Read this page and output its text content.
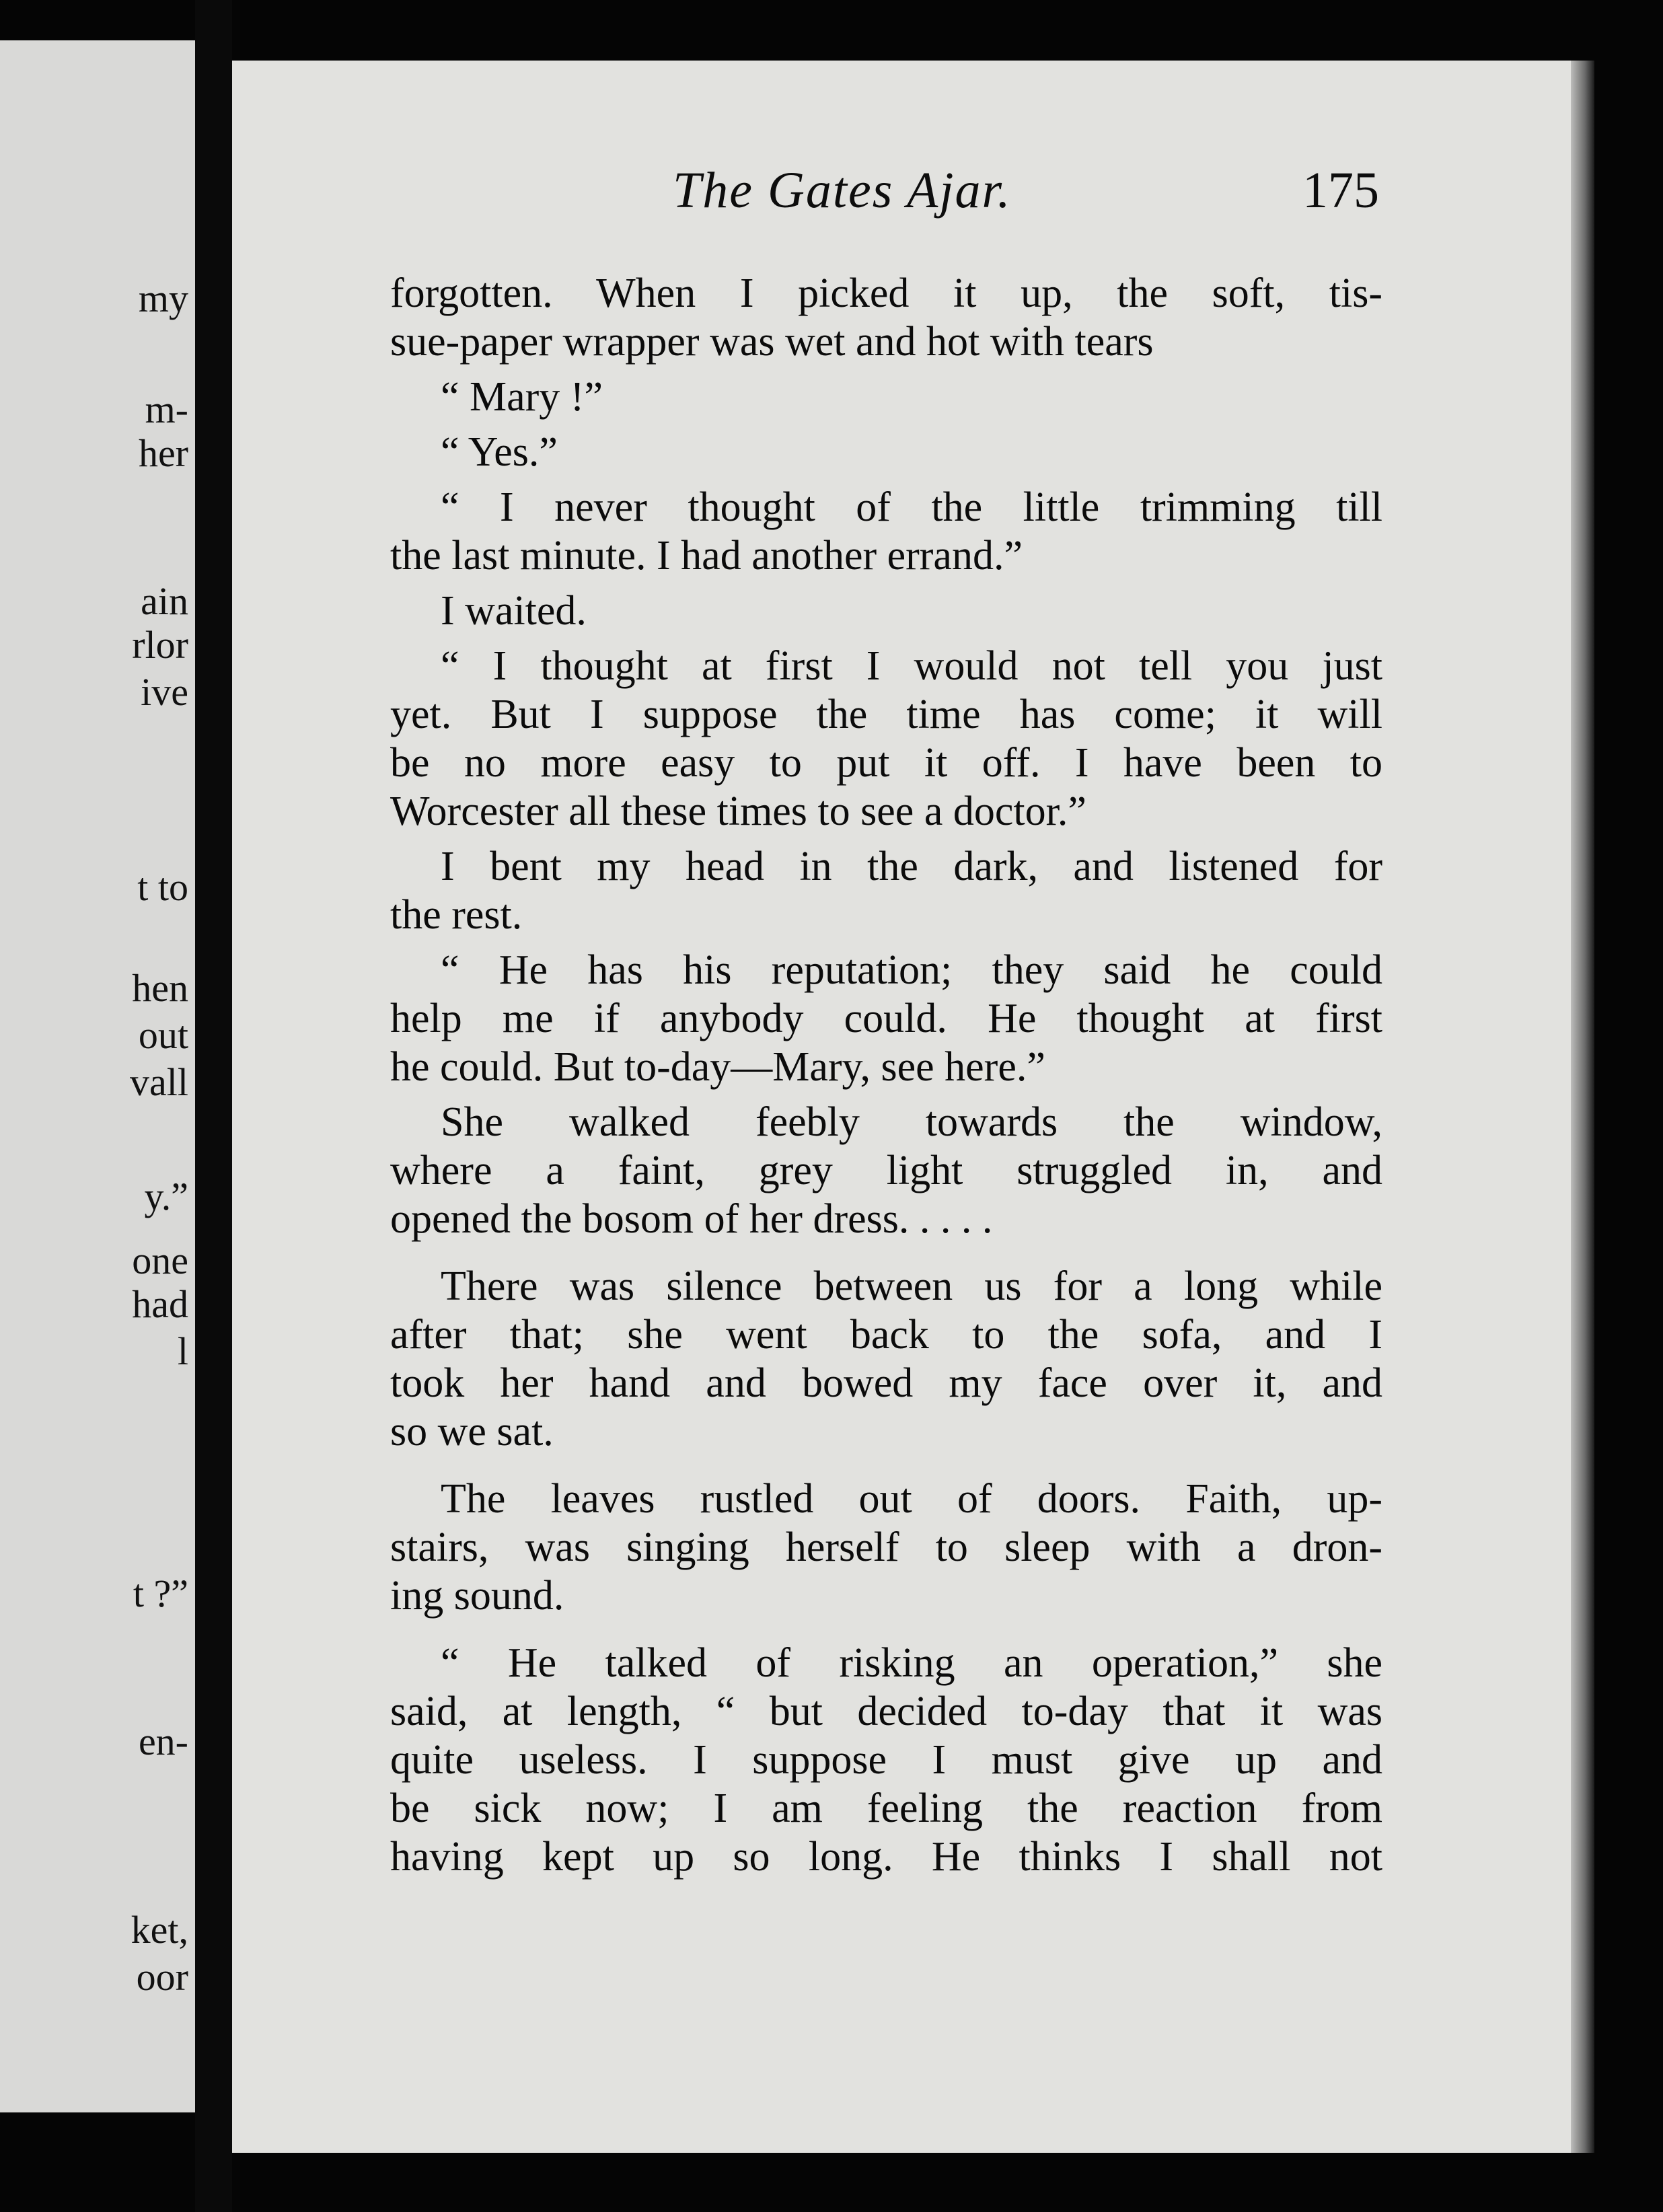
my
m-
her
ain
rlor
ive
t to
hen
out
vall
y.”
one
had
l
t ?”
en-
ket,
oor
The Gates Ajar.	175
forgotten. When I picked it up, the soft, tis-
sue-paper wrapper was wet and hot with tears
“ Mary !”
“ Yes.”
“ I never thought of the little trimming till
the last minute. I had another errand.”
I waited.
“ I thought at first I would not tell you just
yet. But I suppose the time has come; it will
be no more easy to put it off. I have been to
Worcester all these times to see a doctor.”
I bent my head in the dark, and listened for
the rest.
“ He has his reputation; they said he could
help me if anybody could. He thought at first
he could. But to-day—Mary, see here.”
She walked feebly towards the window,
where a faint, grey light struggled in, and
opened the bosom of her dress. . . . .
There was silence between us for a long while
after that; she went back to the sofa, and I
took her hand and bowed my face over it, and
so we sat.
The leaves rustled out of doors. Faith, up-
stairs, was singing herself to sleep with a dron-
ing sound.
“ He talked of risking an operation,” she
said, at length, “ but decided to-day that it was
quite useless. I suppose I must give up and
be sick now; I am feeling the reaction from
having kept up so long. He thinks I shall not
